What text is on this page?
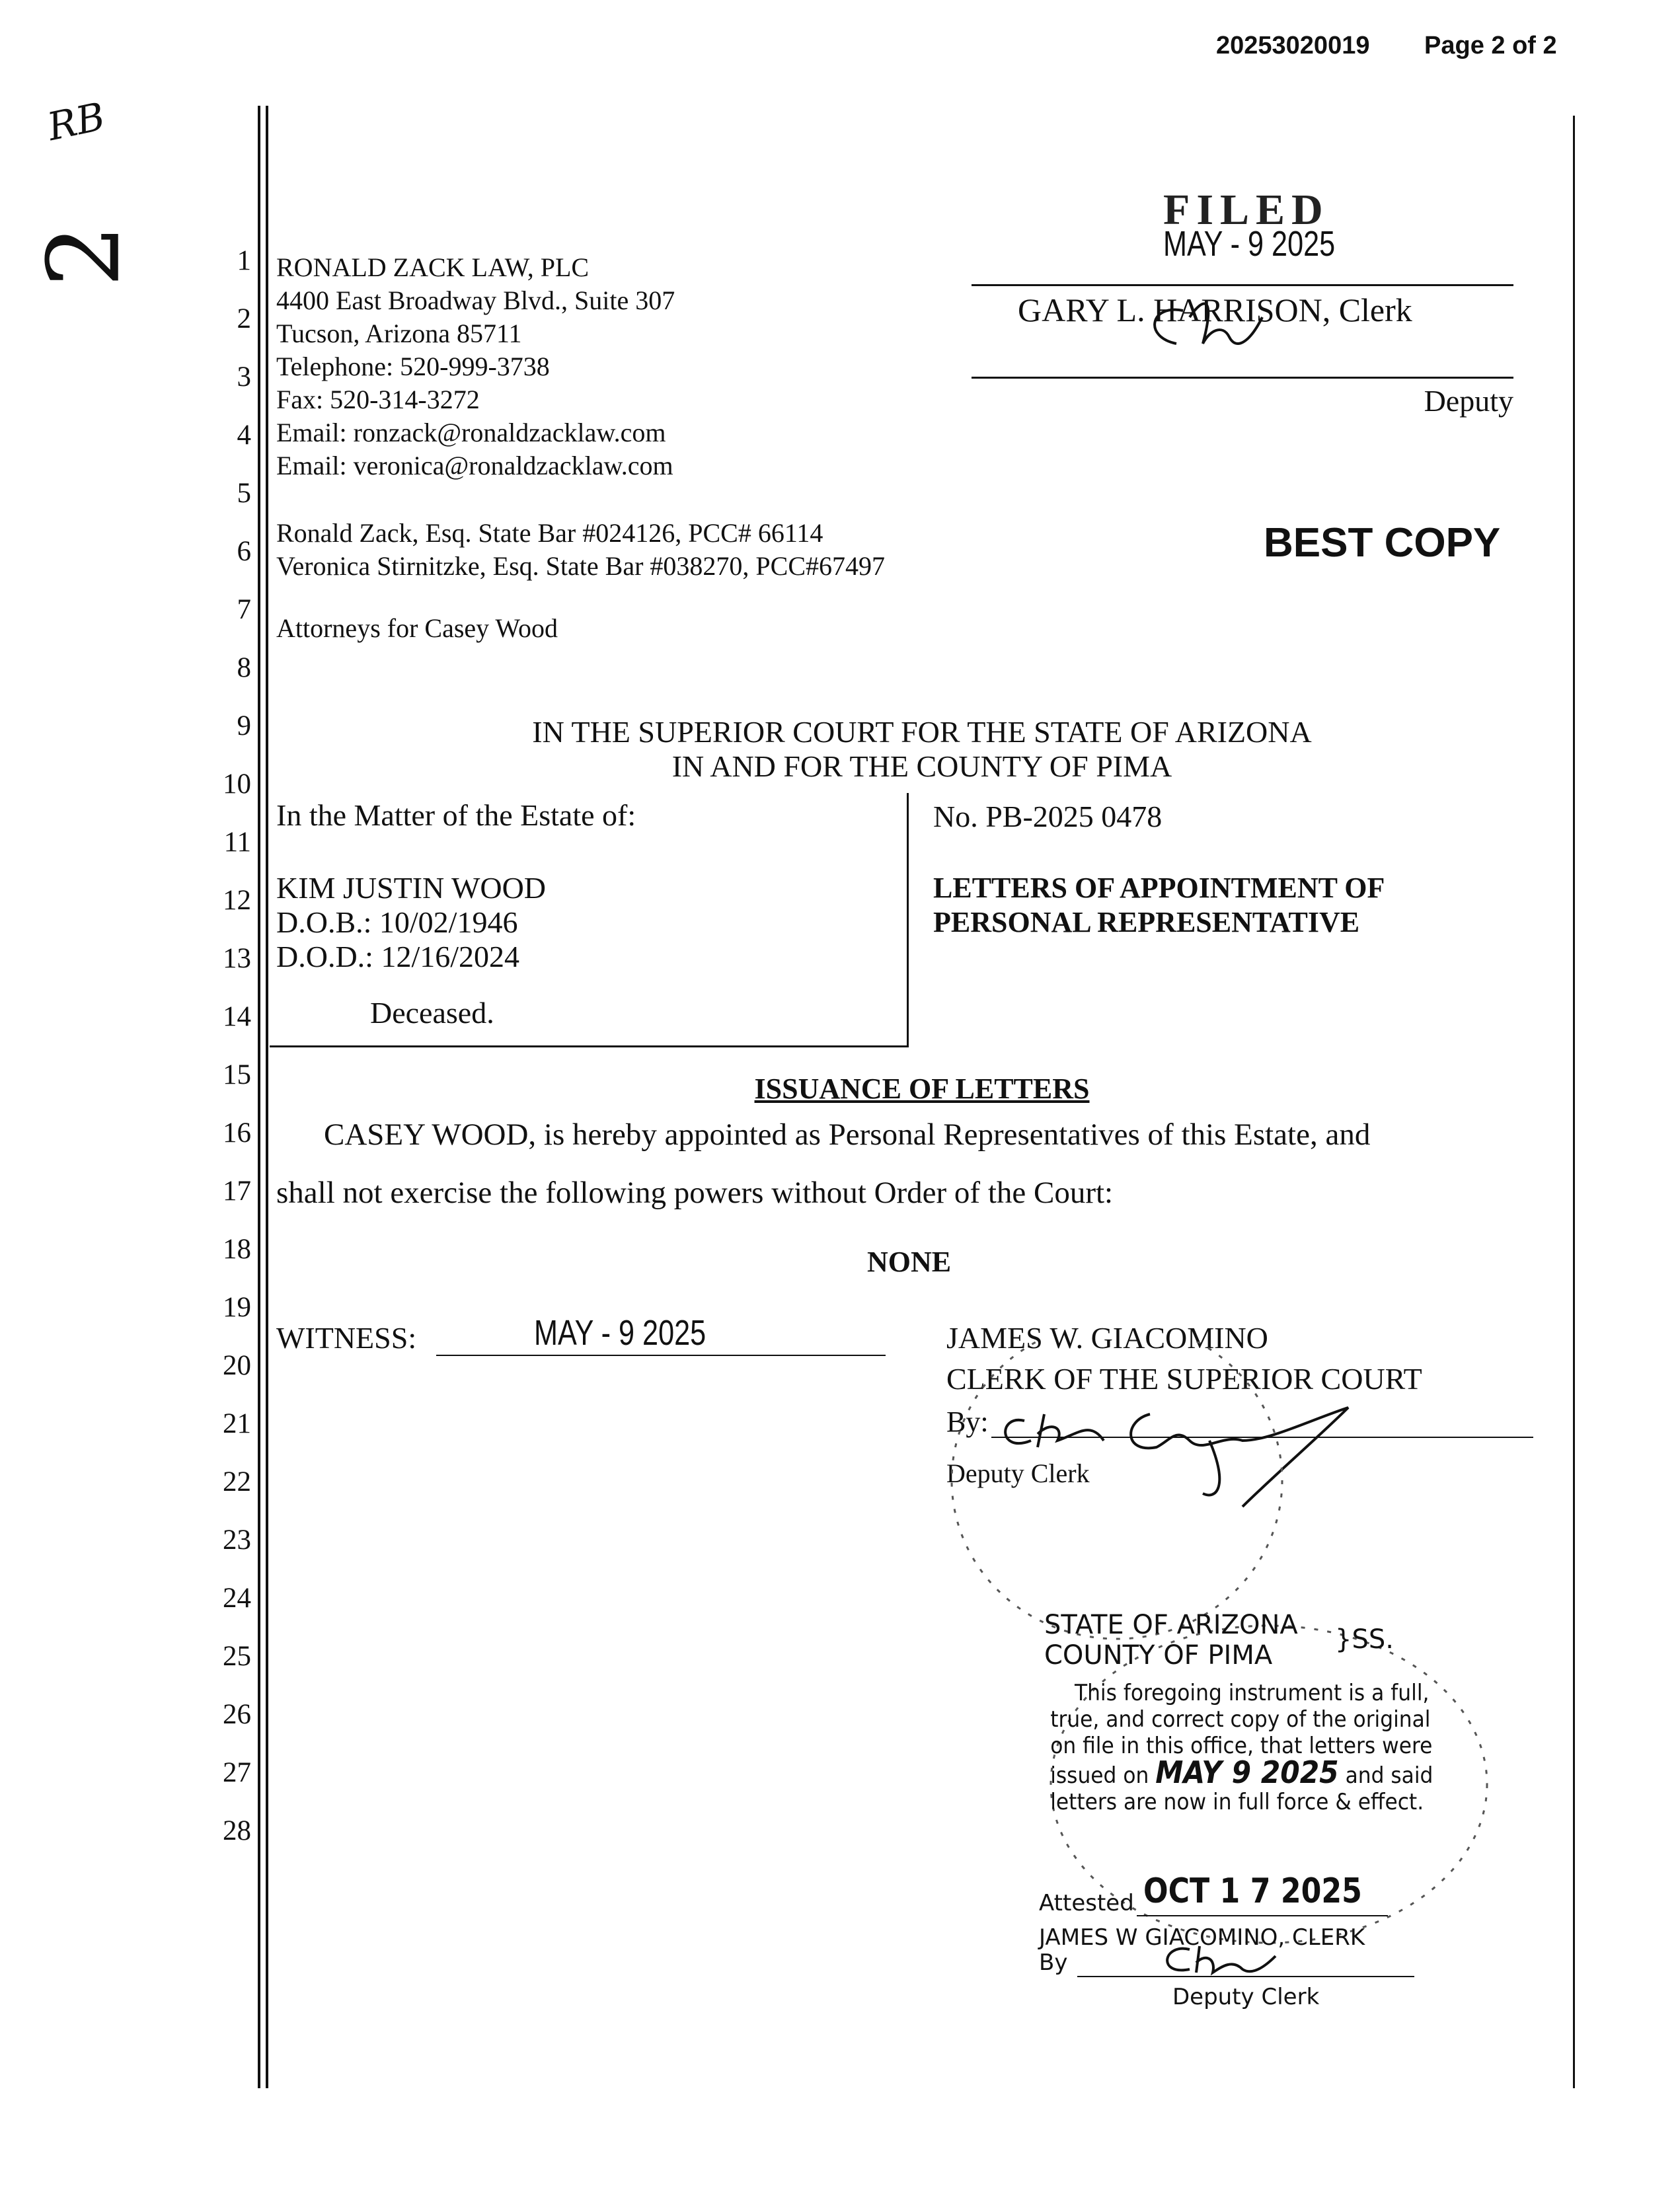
20253020019 Page 2 of 2
RB
2	1
2
3
4
5
6
7
8
9
10
11
12
13
14
15
16
17
18
19
20
21
22
23
24
25
26
27
28
RONALD ZACK LAW, PLC
4400 East Broadway Blvd., Suite 307
Tucson, Arizona 85711
Telephone: 520-999-3738
Fax: 520-314-3272
Email: ronzack@ronaldzacklaw.com
Email: veronica@ronaldzacklaw.com
Ronald Zack, Esq. State Bar #024126, PCC# 66114
Veronica Stirnitzke, Esq. State Bar #038270, PCC#67497
Attorneys for Casey Wood
FILED
MAY - 9 2025
GARY L. HARRISON, Clerk
Deputy
BEST COPY
IN THE SUPERIOR COURT FOR THE STATE OF ARIZONA
IN AND FOR THE COUNTY OF PIMA
In the Matter of the Estate of:
KIM JUSTIN WOOD
D.O.B.: 10/02/1946
D.O.D.: 12/16/2024
Deceased.
No. PB-2025 0478
LETTERS OF APPOINTMENT OF
PERSONAL REPRESENTATIVE
ISSUANCE OF LETTERS
CASEY WOOD, is hereby appointed as Personal Representatives of this Estate, and
shall not exercise the following powers without Order of the Court:
NONE
WITNESS:	MAY - 9 2025	JAMES W. GIACOMINO
CLERK OF THE SUPERIOR COURT
By:
Deputy Clerk
STATE OF ARIZONA
COUNTY OF PIMA
}SS.
This foregoing instrument is a full,
true, and correct copy of the original
on file in this office, that letters were
issued on MAY 9 2025 and said
letters are now in full force & effect.
Attested OCT 1 7 2025
JAMES W GIACOMINO, CLERK
By
Deputy Clerk
